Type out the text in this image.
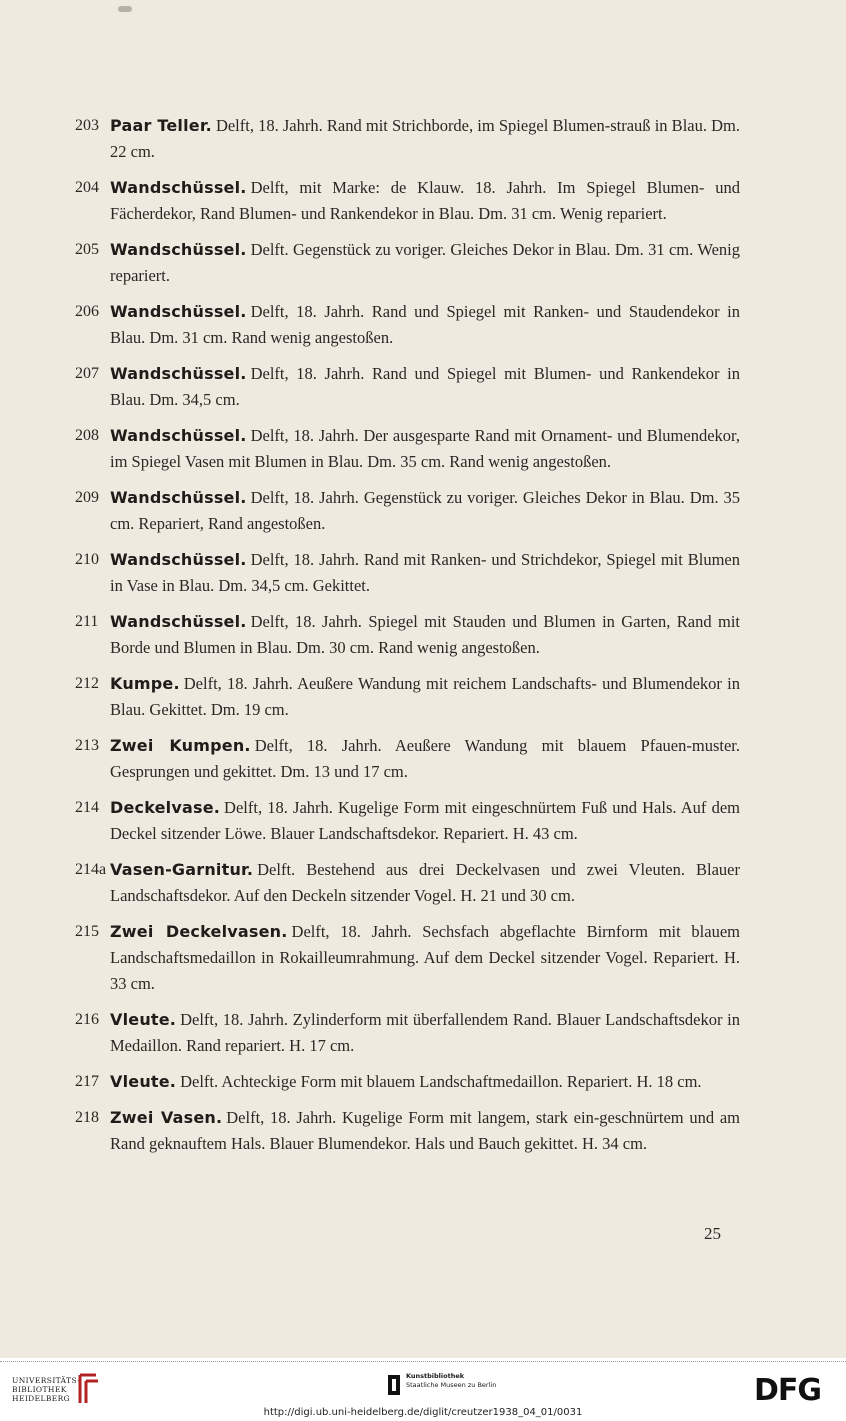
203 Paar Teller. Delft, 18. Jahrh. Rand mit Strichborde, im Spiegel Blumen-strauß in Blau. Dm. 22 cm.
204 Wandschüssel. Delft, mit Marke: de Klauw. 18. Jahrh. Im Spiegel Blumen- und Fächerdekor, Rand Blumen- und Rankendekor in Blau. Dm. 31 cm. Wenig repariert.
205 Wandschüssel. Delft. Gegenstück zu voriger. Gleiches Dekor in Blau. Dm. 31 cm. Wenig repariert.
206 Wandschüssel. Delft, 18. Jahrh. Rand und Spiegel mit Ranken- und Staudendekor in Blau. Dm. 31 cm. Rand wenig angestoßen.
207 Wandschüssel. Delft, 18. Jahrh. Rand und Spiegel mit Blumen- und Rankendekor in Blau. Dm. 34,5 cm.
208 Wandschüssel. Delft, 18. Jahrh. Der ausgesparte Rand mit Ornament- und Blumendekor, im Spiegel Vasen mit Blumen in Blau. Dm. 35 cm. Rand wenig angestoßen.
209 Wandschüssel. Delft, 18. Jahrh. Gegenstück zu voriger. Gleiches Dekor in Blau. Dm. 35 cm. Repariert, Rand angestoßen.
210 Wandschüssel. Delft, 18. Jahrh. Rand mit Ranken- und Strichdekor, Spiegel mit Blumen in Vase in Blau. Dm. 34,5 cm. Gekittet.
211 Wandschüssel. Delft, 18. Jahrh. Spiegel mit Stauden und Blumen in Garten, Rand mit Borde und Blumen in Blau. Dm. 30 cm. Rand wenig angestoßen.
212 Kumpe. Delft, 18. Jahrh. Aeußere Wandung mit reichem Landschafts- und Blumendekor in Blau. Gekittet. Dm. 19 cm.
213 Zwei Kumpen. Delft, 18. Jahrh. Aeußere Wandung mit blauem Pfauen-muster. Gesprungen und gekittet. Dm. 13 und 17 cm.
214 Deckelvase. Delft, 18. Jahrh. Kugelige Form mit eingeschnürtem Fuß und Hals. Auf dem Deckel sitzender Löwe. Blauer Landschaftsdekor. Repariert. H. 43 cm.
214a Vasen-Garnitur. Delft. Bestehend aus drei Deckelvasen und zwei Vleuten. Blauer Landschaftsdekor. Auf den Deckeln sitzender Vogel. H. 21 und 30 cm.
215 Zwei Deckelvasen. Delft, 18. Jahrh. Sechsfach abgeflachte Birnform mit blauem Landschaftsmedaillon in Rokailleumrahmung. Auf dem Deckel sitzender Vogel. Repariert. H. 33 cm.
216 Vleute. Delft, 18. Jahrh. Zylinderform mit überfallendem Rand. Blauer Landschaftsdekor in Medaillon. Rand repariert. H. 17 cm.
217 Vleute. Delft. Achteckige Form mit blauem Landschaftmedaillon. Repariert. H. 18 cm.
218 Zwei Vasen. Delft, 18. Jahrh. Kugelige Form mit langem, stark ein-geschnürtem und am Rand geknauftem Hals. Blauer Blumendekor. Hals und Bauch gekittet. H. 34 cm.
25
UNIVERSITÄTS-
BIBLIOTHEK
HEIDELBERG
Kunstbibliothek
Staatliche Museen zu Berlin	DFG
http://digi.ub.uni-heidelberg.de/diglit/creutzer1938_04_01/0031
